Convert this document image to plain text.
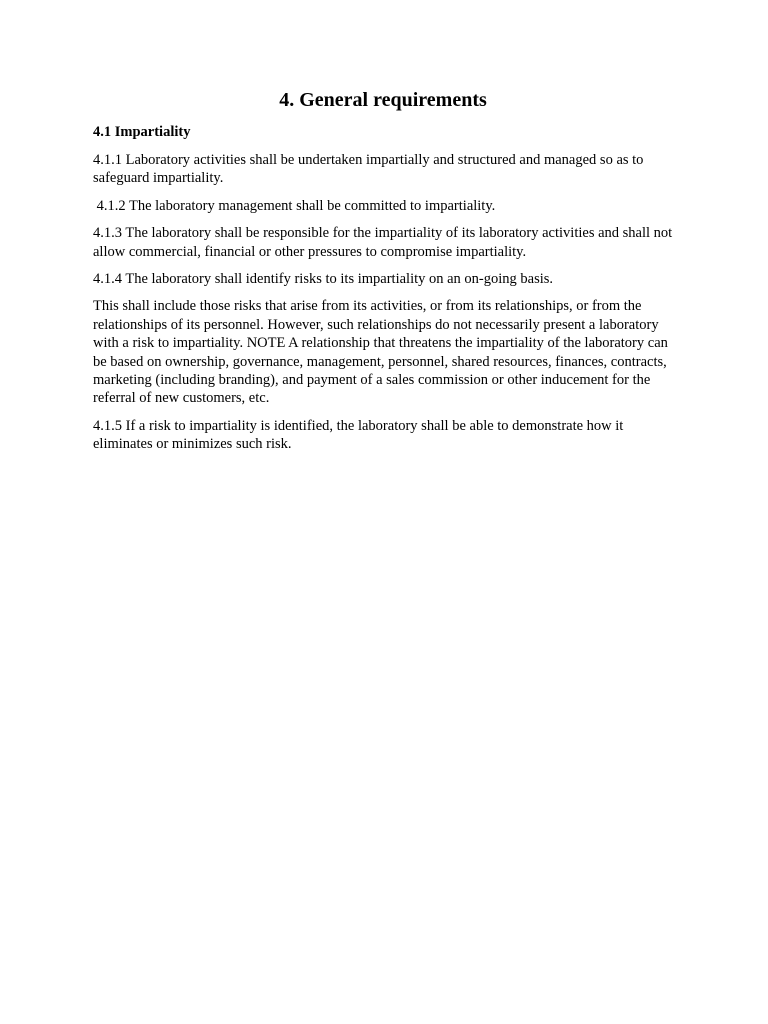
4. General requirements
4.1 Impartiality

4.1.1 Laboratory activities shall be undertaken impartially and structured and managed so as to safeguard impartiality.

4.1.2 The laboratory management shall be committed to impartiality.

4.1.3 The laboratory shall be responsible for the impartiality of its laboratory activities and shall not allow commercial, financial or other pressures to compromise impartiality.

4.1.4 The laboratory shall identify risks to its impartiality on an on-going basis.

This shall include those risks that arise from its activities, or from its relationships, or from the relationships of its personnel. However, such relationships do not necessarily present a laboratory with a risk to impartiality. NOTE A relationship that threatens the impartiality of the laboratory can be based on ownership, governance, management, personnel, shared resources, finances, contracts, marketing (including branding), and payment of a sales commission or other inducement for the referral of new customers, etc.

4.1.5 If a risk to impartiality is identified, the laboratory shall be able to demonstrate how it eliminates or minimizes such risk.
